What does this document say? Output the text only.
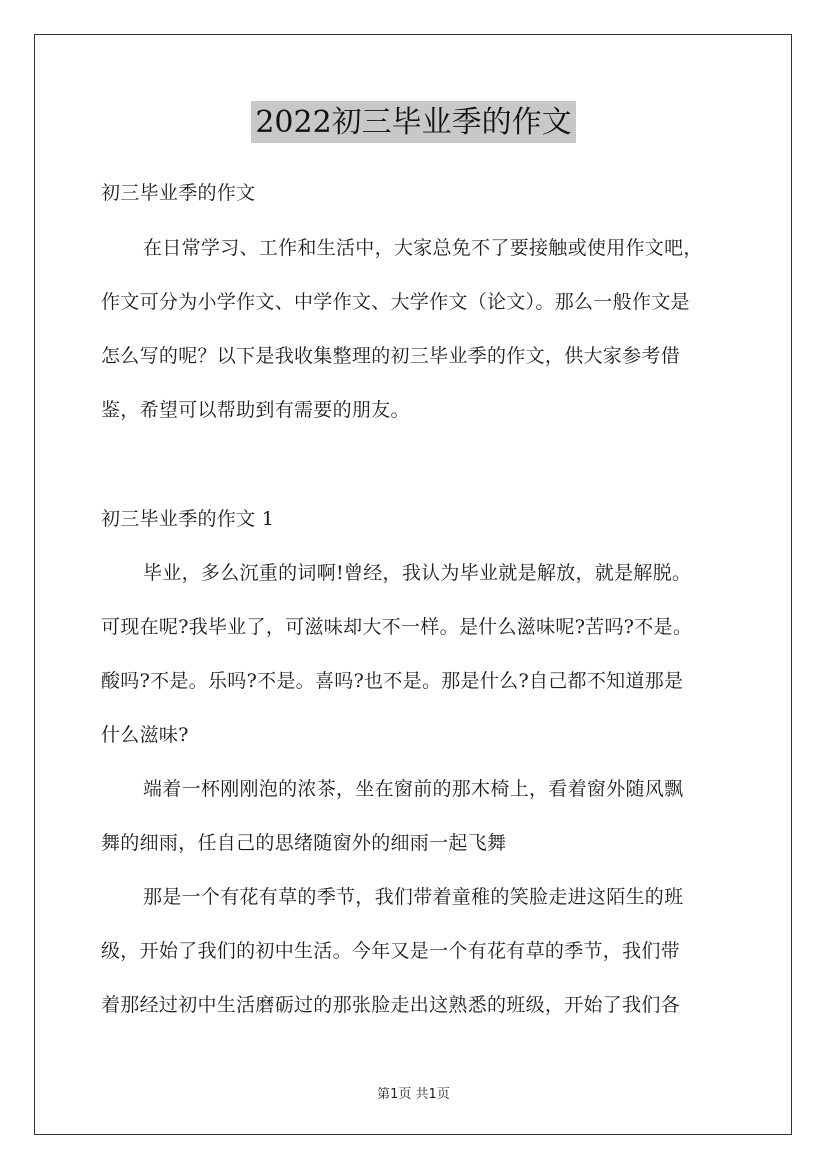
2022初三毕业季的作文
初三毕业季的作文
在日常学习、工作和生活中，大家总免不了要接触或使用作文吧，
作文可分为小学作文、中学作文、大学作文（论文）。那么一般作文是
怎么写的呢？以下是我收集整理的初三毕业季的作文，供大家参考借
鉴，希望可以帮助到有需要的朋友。
初三毕业季的作文 1
毕业，多么沉重的词啊!曾经，我认为毕业就是解放，就是解脱。
可现在呢?我毕业了，可滋味却大不一样。是什么滋味呢?苦吗?不是。
酸吗?不是。乐吗?不是。喜吗?也不是。那是什么?自己都不知道那是
什么滋味?
端着一杯刚刚泡的浓茶，坐在窗前的那木椅上，看着窗外随风飘
舞的细雨，任自己的思绪随窗外的细雨一起飞舞
那是一个有花有草的季节，我们带着童稚的笑脸走进这陌生的班
级，开始了我们的初中生活。今年又是一个有花有草的季节，我们带
着那经过初中生活磨砺过的那张脸走出这熟悉的班级，开始了我们各
第1页 共1页
